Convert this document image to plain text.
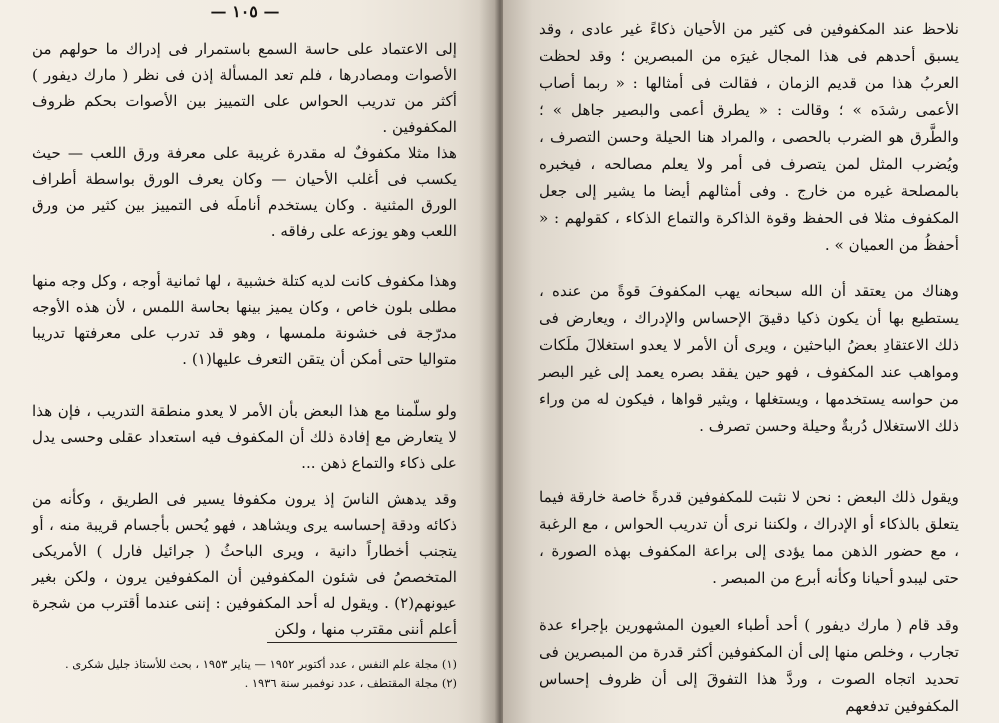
— ١٠٥ —

إلى الاعتماد على حاسة السمع باستمرار فى إدراك ما حولهم من الأصوات ومصادرها ، فلم تعد المسألة إذن فى نظر ( مارك ديفور ) أكثر من تدريب الحواس على التمييز بين الأصوات بحكم ظروف المكفوفين .

هذا مثلا مكفوفٌ له مقدرة غريبة على معرفة ورق اللعب — حيث يكسب فى أغلب الأحيان — وكان يعرف الورق بواسطة أطراف الورق المثنية . وكان يستخدم أناملَه فى التمييز بين كثير من ورق اللعب وهو يوزعه على رفاقه .

وهذا مكفوف كانت لديه كتلة خشبية ، لها ثمانية أوجه ، وكل وجه منها مطلى بلون خاص ، وكان يميز بينها بحاسة اللمس ، لأن هذه الأوجه مدرّجة فى خشونة ملمسها ، وهو قد تدرب على معرفتها تدريبا متواليا حتى أمكن أن يتقن التعرف عليها(١) .

ولو سلّمنا مع هذا البعض بأن الأمر لا يعدو منطقة التدريب ، فإن هذا لا يتعارض مع إفادة ذلك أن المكفوف فيه استعداد عقلى وحسى يدل على ذكاء والتماع ذهن ...

وقد يدهش الناسَ إذ يرون مكفوفا يسير فى الطريق ، وكأنه من ذكائه ودقة إحساسه يرى ويشاهد ، فهو يُحس بأجسام قريبة منه ، أو يتجنب أخطاراً دانية ، ويرى الباحثُ ( جرائيل فارل ) الأمريكى المتخصصُ فى شئون المكفوفين أن المكفوفين يرون ، ولكن بغير عيونهم(٢) . ويقول له أحد المكفوفين : إننى عندما أقترب من شجرة أعلم أننى مقترب منها ، ولكن

(١) مجلة علم النفس ، عدد أكتوبر ١٩٥٢ — يناير ١٩٥٣ ، بحث للأستاذ جليل شكرى .
(٢) مجلة المقتطف ، عدد نوفمبر سنة ١٩٣٦ .

نلاحظ عند المكفوفين فى كثير من الأحيان ذكاءً غير عادى ، وقد يسبق أحدهم فى هذا المجال غيرَه من المبصرين ؛ وقد لحظت العربُ هذا من قديم الزمان ، فقالت فى أمثالها : « ربما أصاب الأعمى رشدَه » ؛ وقالت : « يطرق أعمى والبصير جاهل » ؛ والطَّرق هو الضرب بالحصى ، والمراد هنا الحيلة وحسن التصرف ، ويُضرب المثل لمن يتصرف فى أمر ولا يعلم مصالحه ، فيخبره بالمصلحة غيره من خارج . وفى أمثالهم أيضا ما يشير إلى جعل المكفوف مثلا فى الحفظ وقوة الذاكرة والتماع الذكاء ، كقولهم : « أحفظُ من العميان » .

وهناك من يعتقد أن الله سبحانه يهب المكفوفَ قوةً من عنده ، يستطيع بها أن يكون ذكيا دقيقَ الإحساس والإدراك ، ويعارض فى ذلك الاعتقادِ بعضُ الباحثين ، ويرى أن الأمر لا يعدو استغلالَ ملَكات ومواهب عند المكفوف ، فهو حين يفقد بصره يعمد إلى غير البصر من حواسه يستخدمها ، ويستغلها ، ويثير قواها ، فيكون له من وراء ذلك الاستغلال دُربةٌ وحيلة وحسن تصرف .

ويقول ذلك البعض : نحن لا نثبت للمكفوفين قدرةً خاصة خارقة فيما يتعلق بالذكاء أو الإدراك ، ولكننا نرى أن تدريب الحواس ، مع الرغبة ، مع حضور الذهن مما يؤدى إلى براعة المكفوف بهذه الصورة ، حتى ليبدو أحيانا وكأنه أبرع من المبصر .

وقد قام ( مارك ديفور ) أحد أطباء العيون المشهورين بإجراء عدة تجارب ، وخلص منها إلى أن المكفوفين أكثر قدرة من المبصرين فى تحديد اتجاه الصوت ، وردَّ هذا التفوقَ إلى أن ظروف إحساس المكفوفين تدفعهم
